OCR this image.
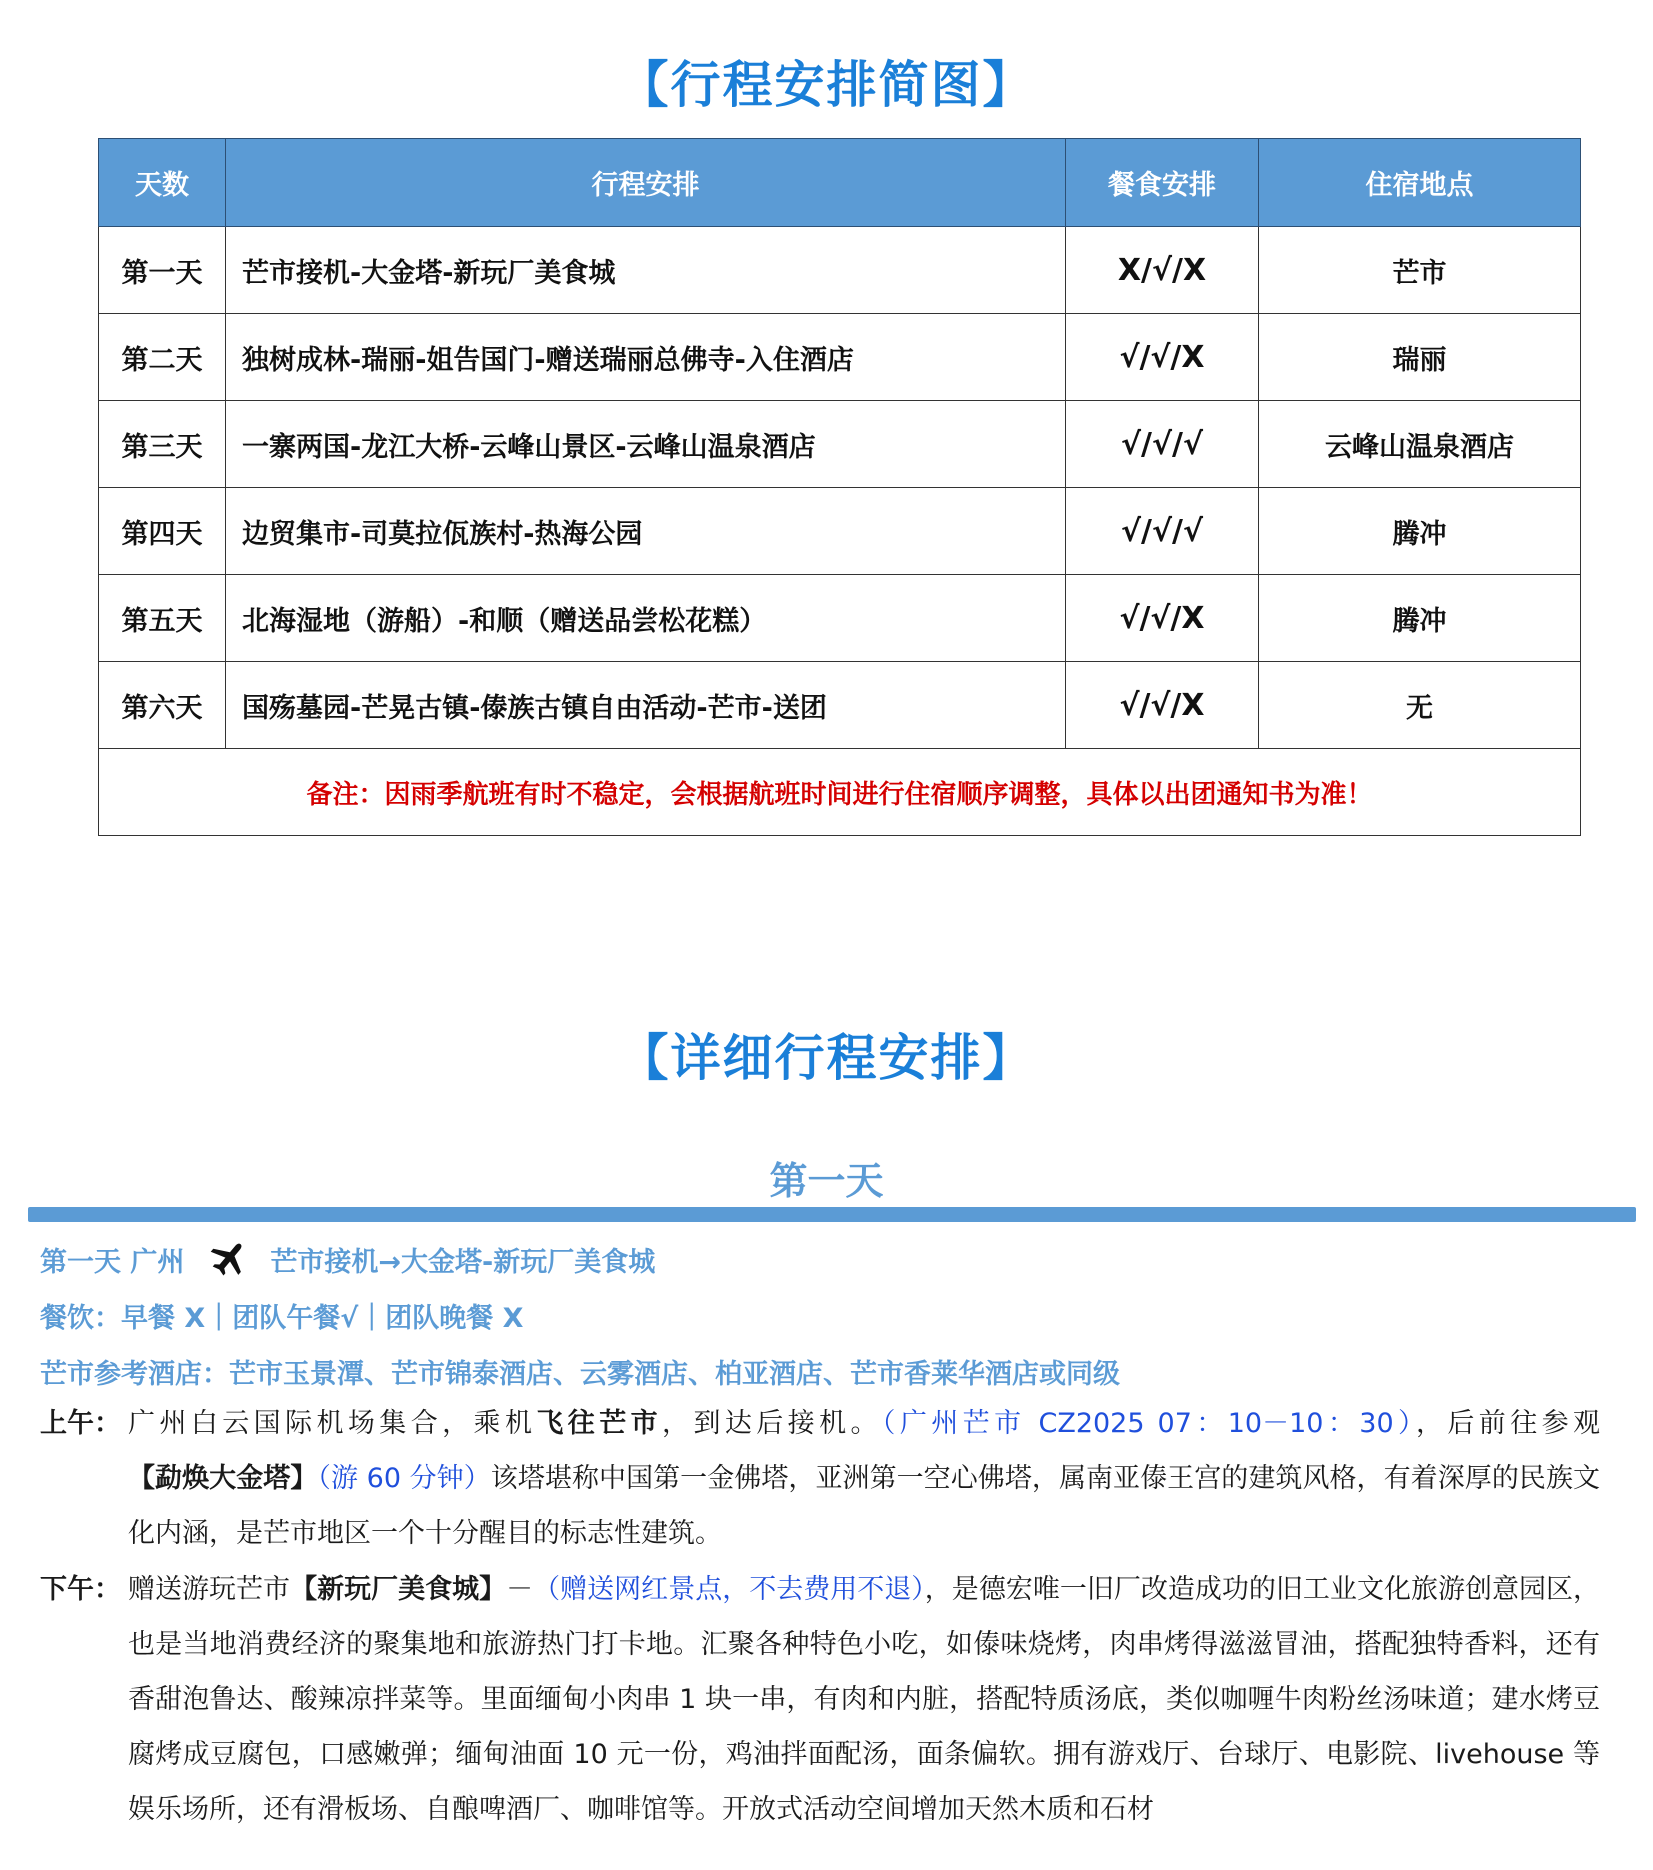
【行程安排简图】
天数	行程安排	餐食安排	住宿地点
第一天	芒市接机-大金塔-新玩厂美食城	X/√/X	芒市
第二天	独树成林-瑞丽-姐告国门-赠送瑞丽总佛寺-入住酒店	√/√/X	瑞丽
第三天	一寨两国-龙江大桥-云峰山景区-云峰山温泉酒店	√/√/√	云峰山温泉酒店
第四天	边贸集市-司莫拉佤族村-热海公园	√/√/√	腾冲
第五天	北海湿地（游船）-和顺（赠送品尝松花糕）	√/√/X	腾冲
第六天	国殇墓园-芒晃古镇-傣族古镇自由活动-芒市-送团	√/√/X	无
备注：因雨季航班有时不稳定，会根据航班时间进行住宿顺序调整，具体以出团通知书为准！			
【详细行程安排】
第一天
第一天 广州	芒市接机→大金塔-新玩厂美食城
餐饮：早餐 X｜团队午餐√｜团队晚餐 X
芒市参考酒店：芒市玉景潭、芒市锦泰酒店、云雾酒店、柏亚酒店、芒市香莱华酒店或同级
上午： 广州白云国际机场集合，乘机飞往芒市，到达后接机。（广州芒市 CZ2025 07：10－10：30），后前往参观【勐焕大金塔】（游 60 分钟）该塔堪称中国第一金佛塔，亚洲第一空心佛塔，属南亚傣王宫的建筑风格，有着深厚的民族文化内涵，是芒市地区一个十分醒目的标志性建筑。
下午： 赠送游玩芒市【新玩厂美食城】－（赠送网红景点，不去费用不退），是德宏唯一旧厂改造成功的旧工业文化旅游创意园区，也是当地消费经济的聚集地和旅游热门打卡地。汇聚各种特色小吃，如傣味烧烤，肉串烤得滋滋冒油，搭配独特香料，还有香甜泡鲁达、酸辣凉拌菜等。里面缅甸小肉串 1 块一串，有肉和内脏，搭配特质汤底，类似咖喱牛肉粉丝汤味道；建水烤豆腐烤成豆腐包，口感嫩弹；缅甸油面 10 元一份，鸡油拌面配汤，面条偏软。拥有游戏厅、台球厅、电影院、livehouse 等娱乐场所，还有滑板场、自酿啤酒厂、咖啡馆等。开放式活动空间增加天然木质和石材
